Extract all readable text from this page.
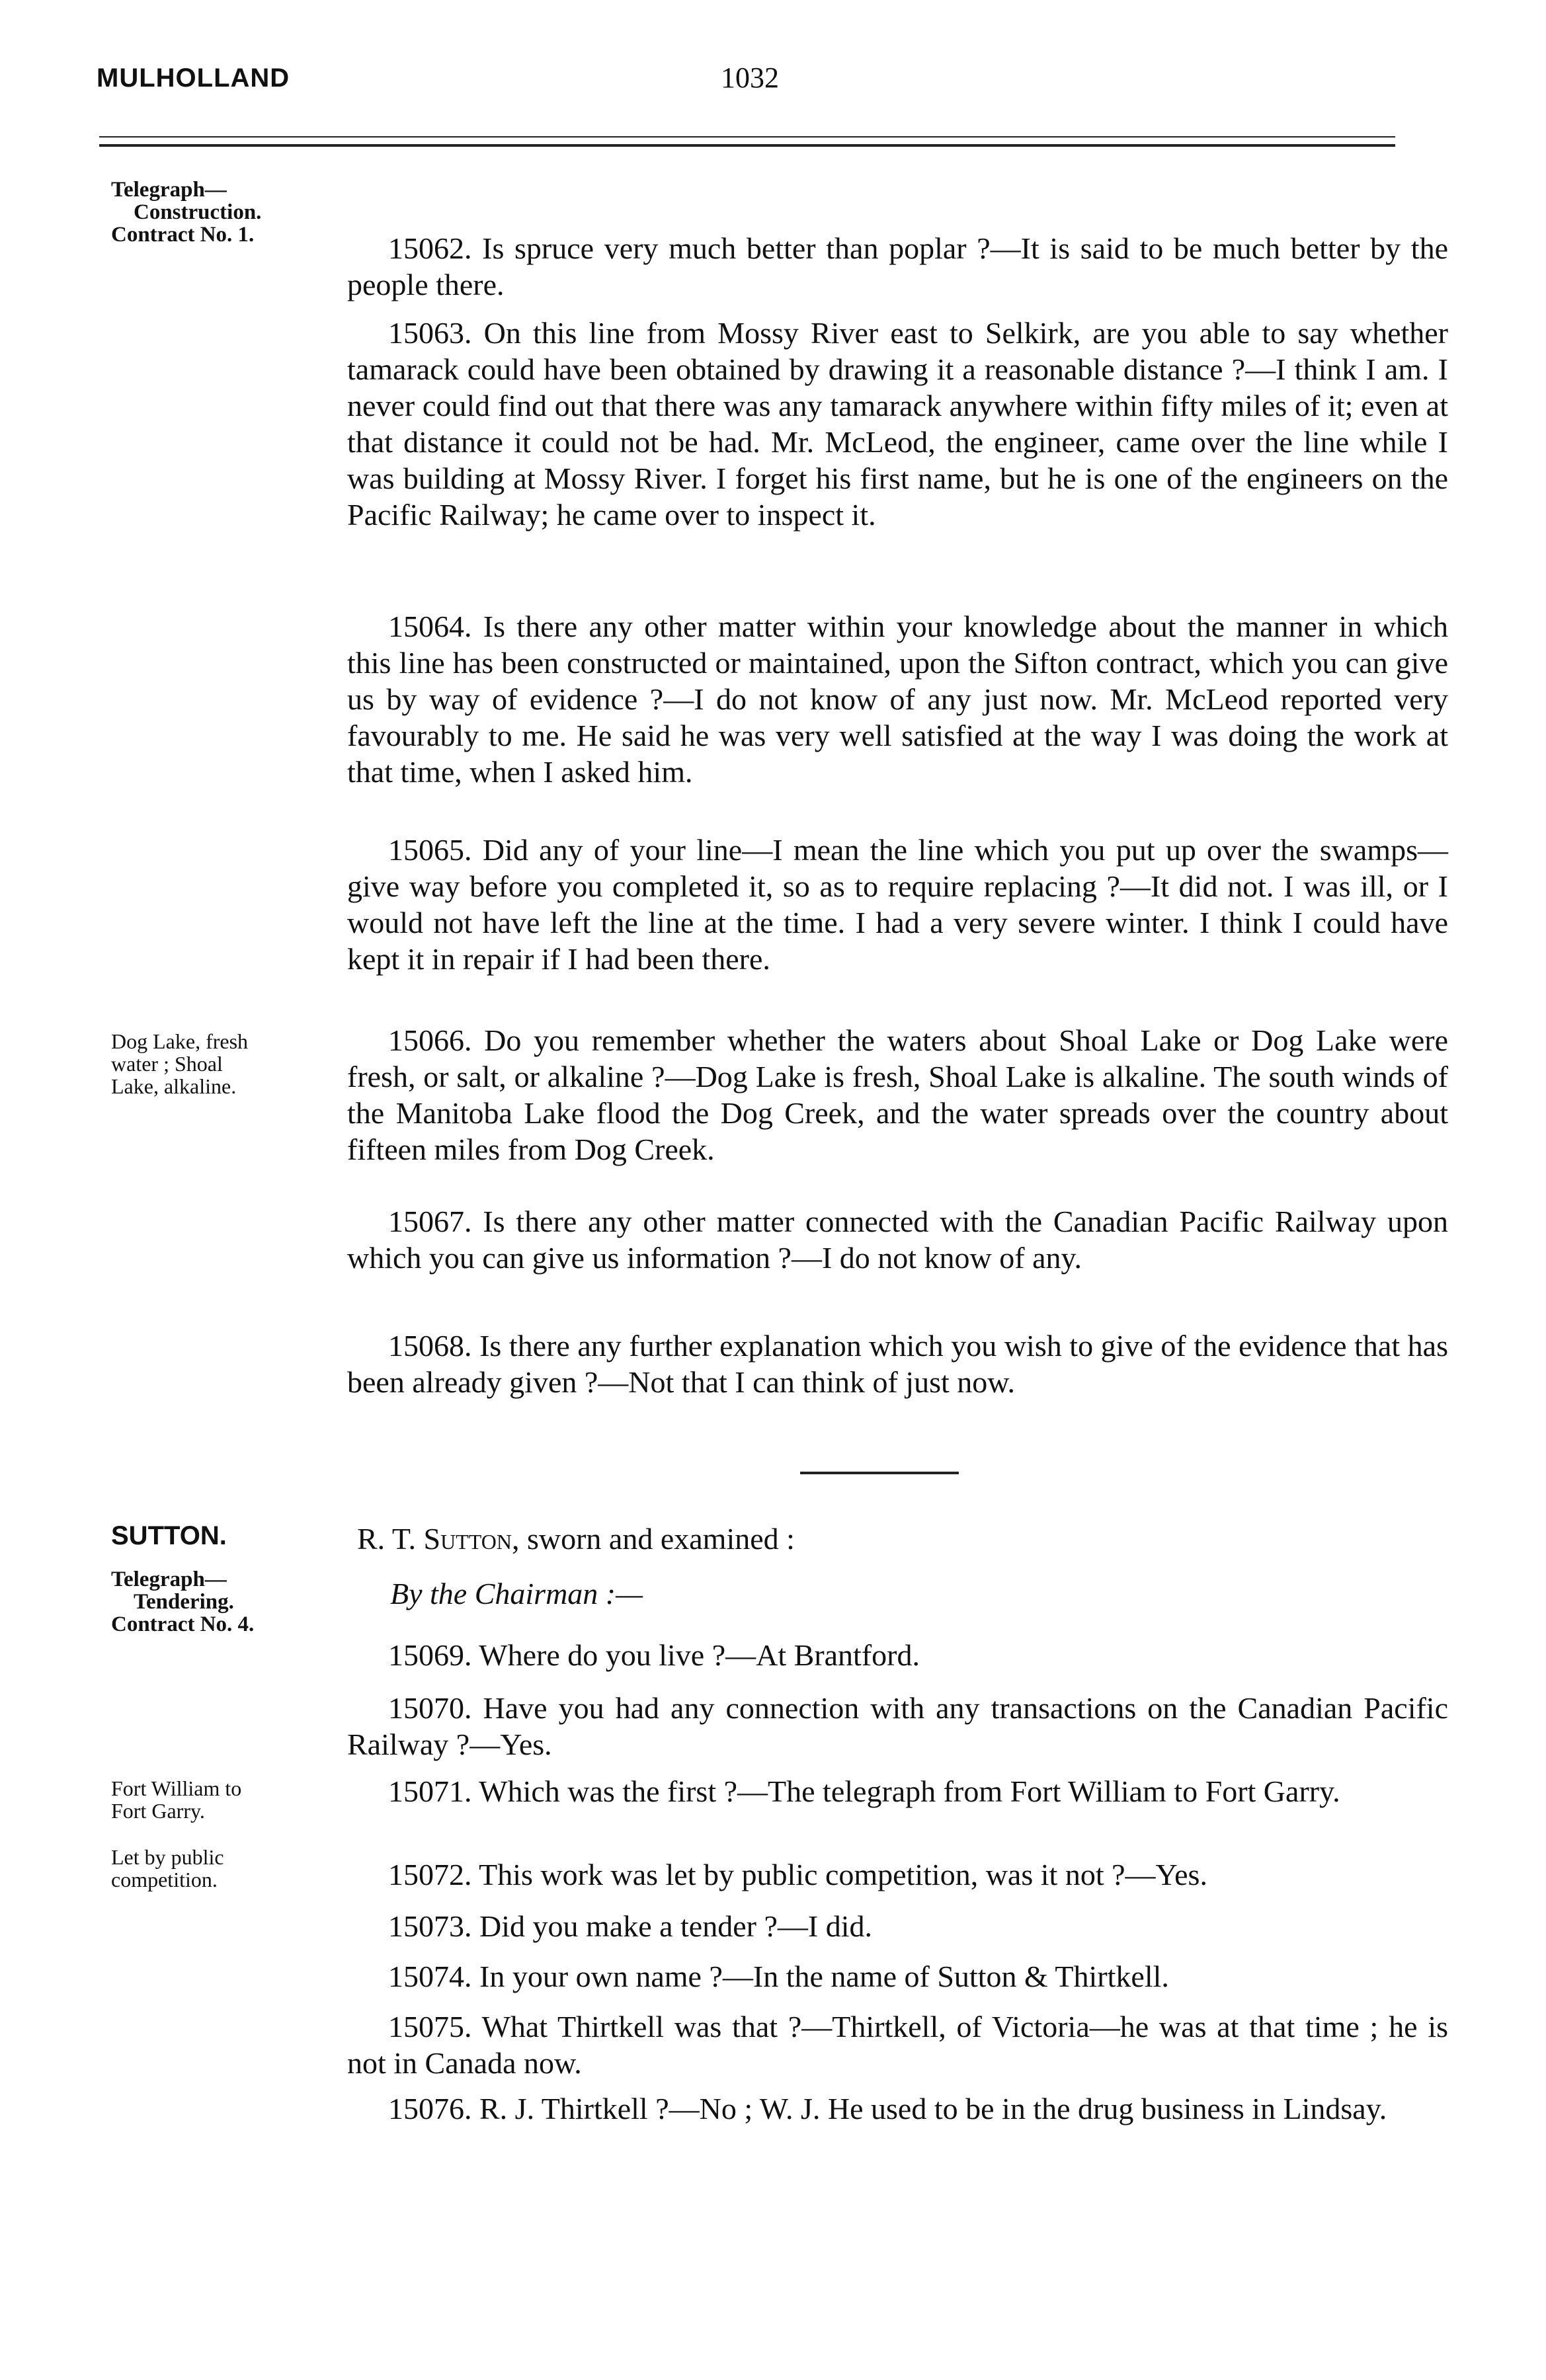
MULHOLLAND	1032
Telegraph—
Construction.
Contract No. 1.
Dog Lake, fresh
water ; Shoal
Lake, alkaline.
SUTTON.
Telegraph—
Tendering.
Contract No. 4.
Fort William to
Fort Garry.
Let by public
competition.
15062. Is spruce very much better than poplar ?—It is said to be much better by the people there.
15063. On this line from Mossy River east to Selkirk, are you able to say whether tamarack could have been obtained by drawing it a reasonable distance ?—I think I am. I never could find out that there was any tamarack anywhere within fifty miles of it; even at that distance it could not be had. Mr. McLeod, the engineer, came over the line while I was building at Mossy River. I forget his first name, but he is one of the engineers on the Pacific Railway; he came over to inspect it.
15064. Is there any other matter within your knowledge about the manner in which this line has been constructed or maintained, upon the Sifton contract, which you can give us by way of evidence ?—I do not know of any just now. Mr. McLeod reported very favourably to me. He said he was very well satisfied at the way I was doing the work at that time, when I asked him.
15065. Did any of your line—I mean the line which you put up over the swamps—give way before you completed it, so as to require replacing ?—It did not. I was ill, or I would not have left the line at the time. I had a very severe winter. I think I could have kept it in repair if I had been there.
15066. Do you remember whether the waters about Shoal Lake or Dog Lake were fresh, or salt, or alkaline ?—Dog Lake is fresh, Shoal Lake is alkaline. The south winds of the Manitoba Lake flood the Dog Creek, and the water spreads over the country about fifteen miles from Dog Creek.
15067. Is there any other matter connected with the Canadian Pacific Railway upon which you can give us information ?—I do not know of any.
15068. Is there any further explanation which you wish to give of the evidence that has been already given ?—Not that I can think of just now.
R. T. Sutton, sworn and examined :
By the Chairman :—
15069. Where do you live ?—At Brantford.
15070. Have you had any connection with any transactions on the Canadian Pacific Railway ?—Yes.
15071. Which was the first ?—The telegraph from Fort William to Fort Garry.
15072. This work was let by public competition, was it not ?—Yes.
15073. Did you make a tender ?—I did.
15074. In your own name ?—In the name of Sutton & Thirtkell.
15075. What Thirtkell was that ?—Thirtkell, of Victoria—he was at that time ; he is not in Canada now.
15076. R. J. Thirtkell ?—No ; W. J. He used to be in the drug business in Lindsay.
